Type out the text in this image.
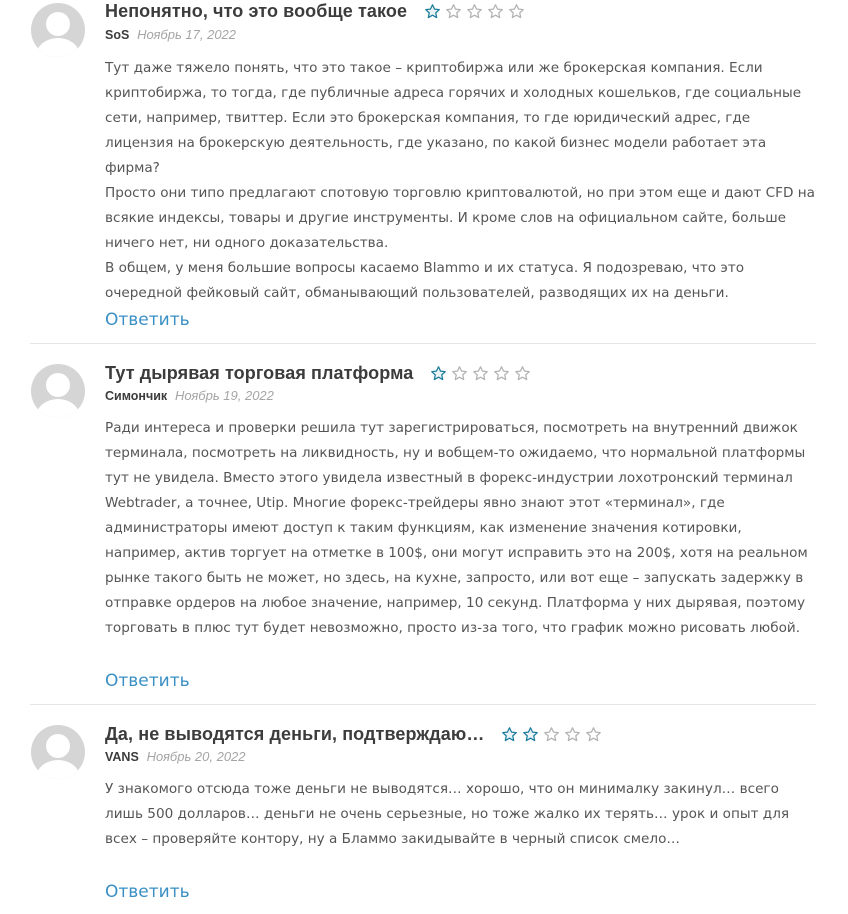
Непонятно, что это вообще такое
SoS Ноябрь 17, 2022

Тут даже тяжело понять, что это такое – криптобиржа или же брокерская компания. Если криптобиржа, то тогда, где публичные адреса горячих и холодных кошельков, где социальные сети, например, твиттер. Если это брокерская компания, то где юридический адрес, где лицензия на брокерскую деятельность, где указано, по какой бизнес модели работает эта фирма?

Просто они типо предлагают спотовую торговлю криптовалютой, но при этом еще и дают CFD на всякие индексы, товары и другие инструменты. И кроме слов на официальном сайте, больше ничего нет, ни одного доказательства.

В общем, у меня большие вопросы касаемо Blammo и их статуса. Я подозреваю, что это очередной фейковый сайт, обманывающий пользователей, разводящих их на деньги.

Ответить
Тут дырявая торговая платформа
Симончик Ноябрь 19, 2022

Ради интереса и проверки решила тут зарегистрироваться, посмотреть на внутренний движок терминала, посмотреть на ликвидность, ну и вобщем-то ожидаемо, что нормальной платформы тут не увидела. Вместо этого увидела известный в форекс-индустрии лохотронский терминал Webtrader, а точнее, Utip. Многие форекс-трейдеры явно знают этот «терминал», где администраторы имеют доступ к таким функциям, как изменение значения котировки, например, актив торгует на отметке в 100$, они могут исправить это на 200$, хотя на реальном рынке такого быть не может, но здесь, на кухне, запросто, или вот еще – запускать задержку в отправке ордеров на любое значение, например, 10 секунд. Платформа у них дырявая, поэтому торговать в плюс тут будет невозможно, просто из-за того, что график можно рисовать любой.

Ответить
Да, не выводятся деньги, подтверждаю…
VANS Ноябрь 20, 2022

У знакомого отсюда тоже деньги не выводятся… хорошо, что он минималку закинул… всего лишь 500 долларов… деньги не очень серьезные, но тоже жалко их терять… урок и опыт для всех – проверяйте контору, ну а Бламмо закидывайте в черный список смело…

Ответить
